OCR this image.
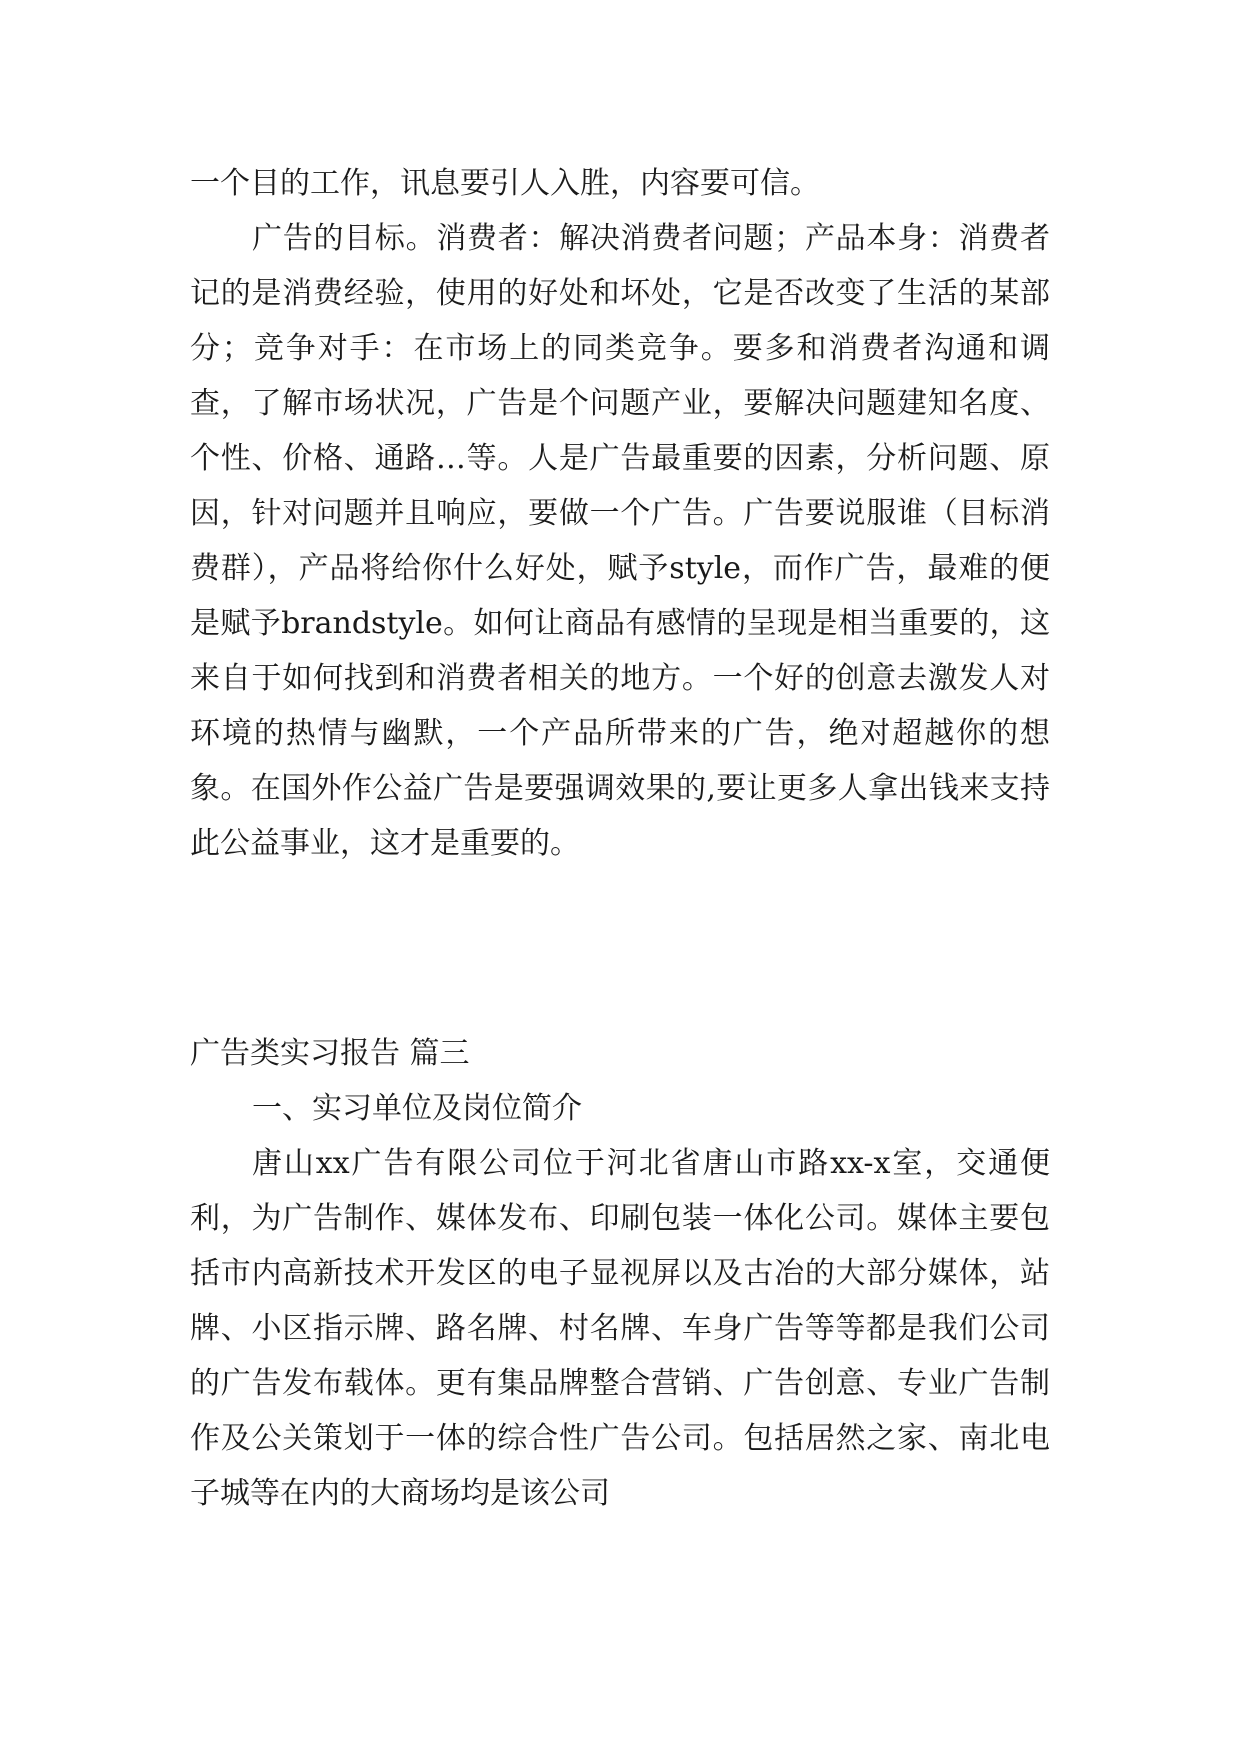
一个目的工作，讯息要引人入胜，内容要可信。

广告的目标。消费者：解决消费者问题；产品本身：消费者记的是消费经验，使用的好处和坏处，它是否改变了生活的某部分；竞争对手：在市场上的同类竞争。要多和消费者沟通和调查，了解市场状况，广告是个问题产业，要解决问题建知名度、个性、价格、通路…等。人是广告最重要的因素，分析问题、原因，针对问题并且响应，要做一个广告。广告要说服谁（目标消费群），产品将给你什么好处，赋予style，而作广告，最难的便是赋予brandstyle。如何让商品有感情的呈现是相当重要的，这来自于如何找到和消费者相关的地方。一个好的创意去激发人对环境的热情与幽默，一个产品所带来的广告，绝对超越你的想象。在国外作公益广告是要强调效果的,要让更多人拿出钱来支持此公益事业，这才是重要的。

广告类实习报告 篇三

一、实习单位及岗位简介

唐山xx广告有限公司位于河北省唐山市路xx-x室，交通便利，为广告制作、媒体发布、印刷包装一体化公司。媒体主要包括市内高新技术开发区的电子显视屏以及古冶的大部分媒体，站牌、小区指示牌、路名牌、村名牌、车身广告等等都是我们公司的广告发布载体。更有集品牌整合营销、广告创意、专业广告制作及公关策划于一体的综合性广告公司。包括居然之家、南北电子城等在内的大商场均是该公司
